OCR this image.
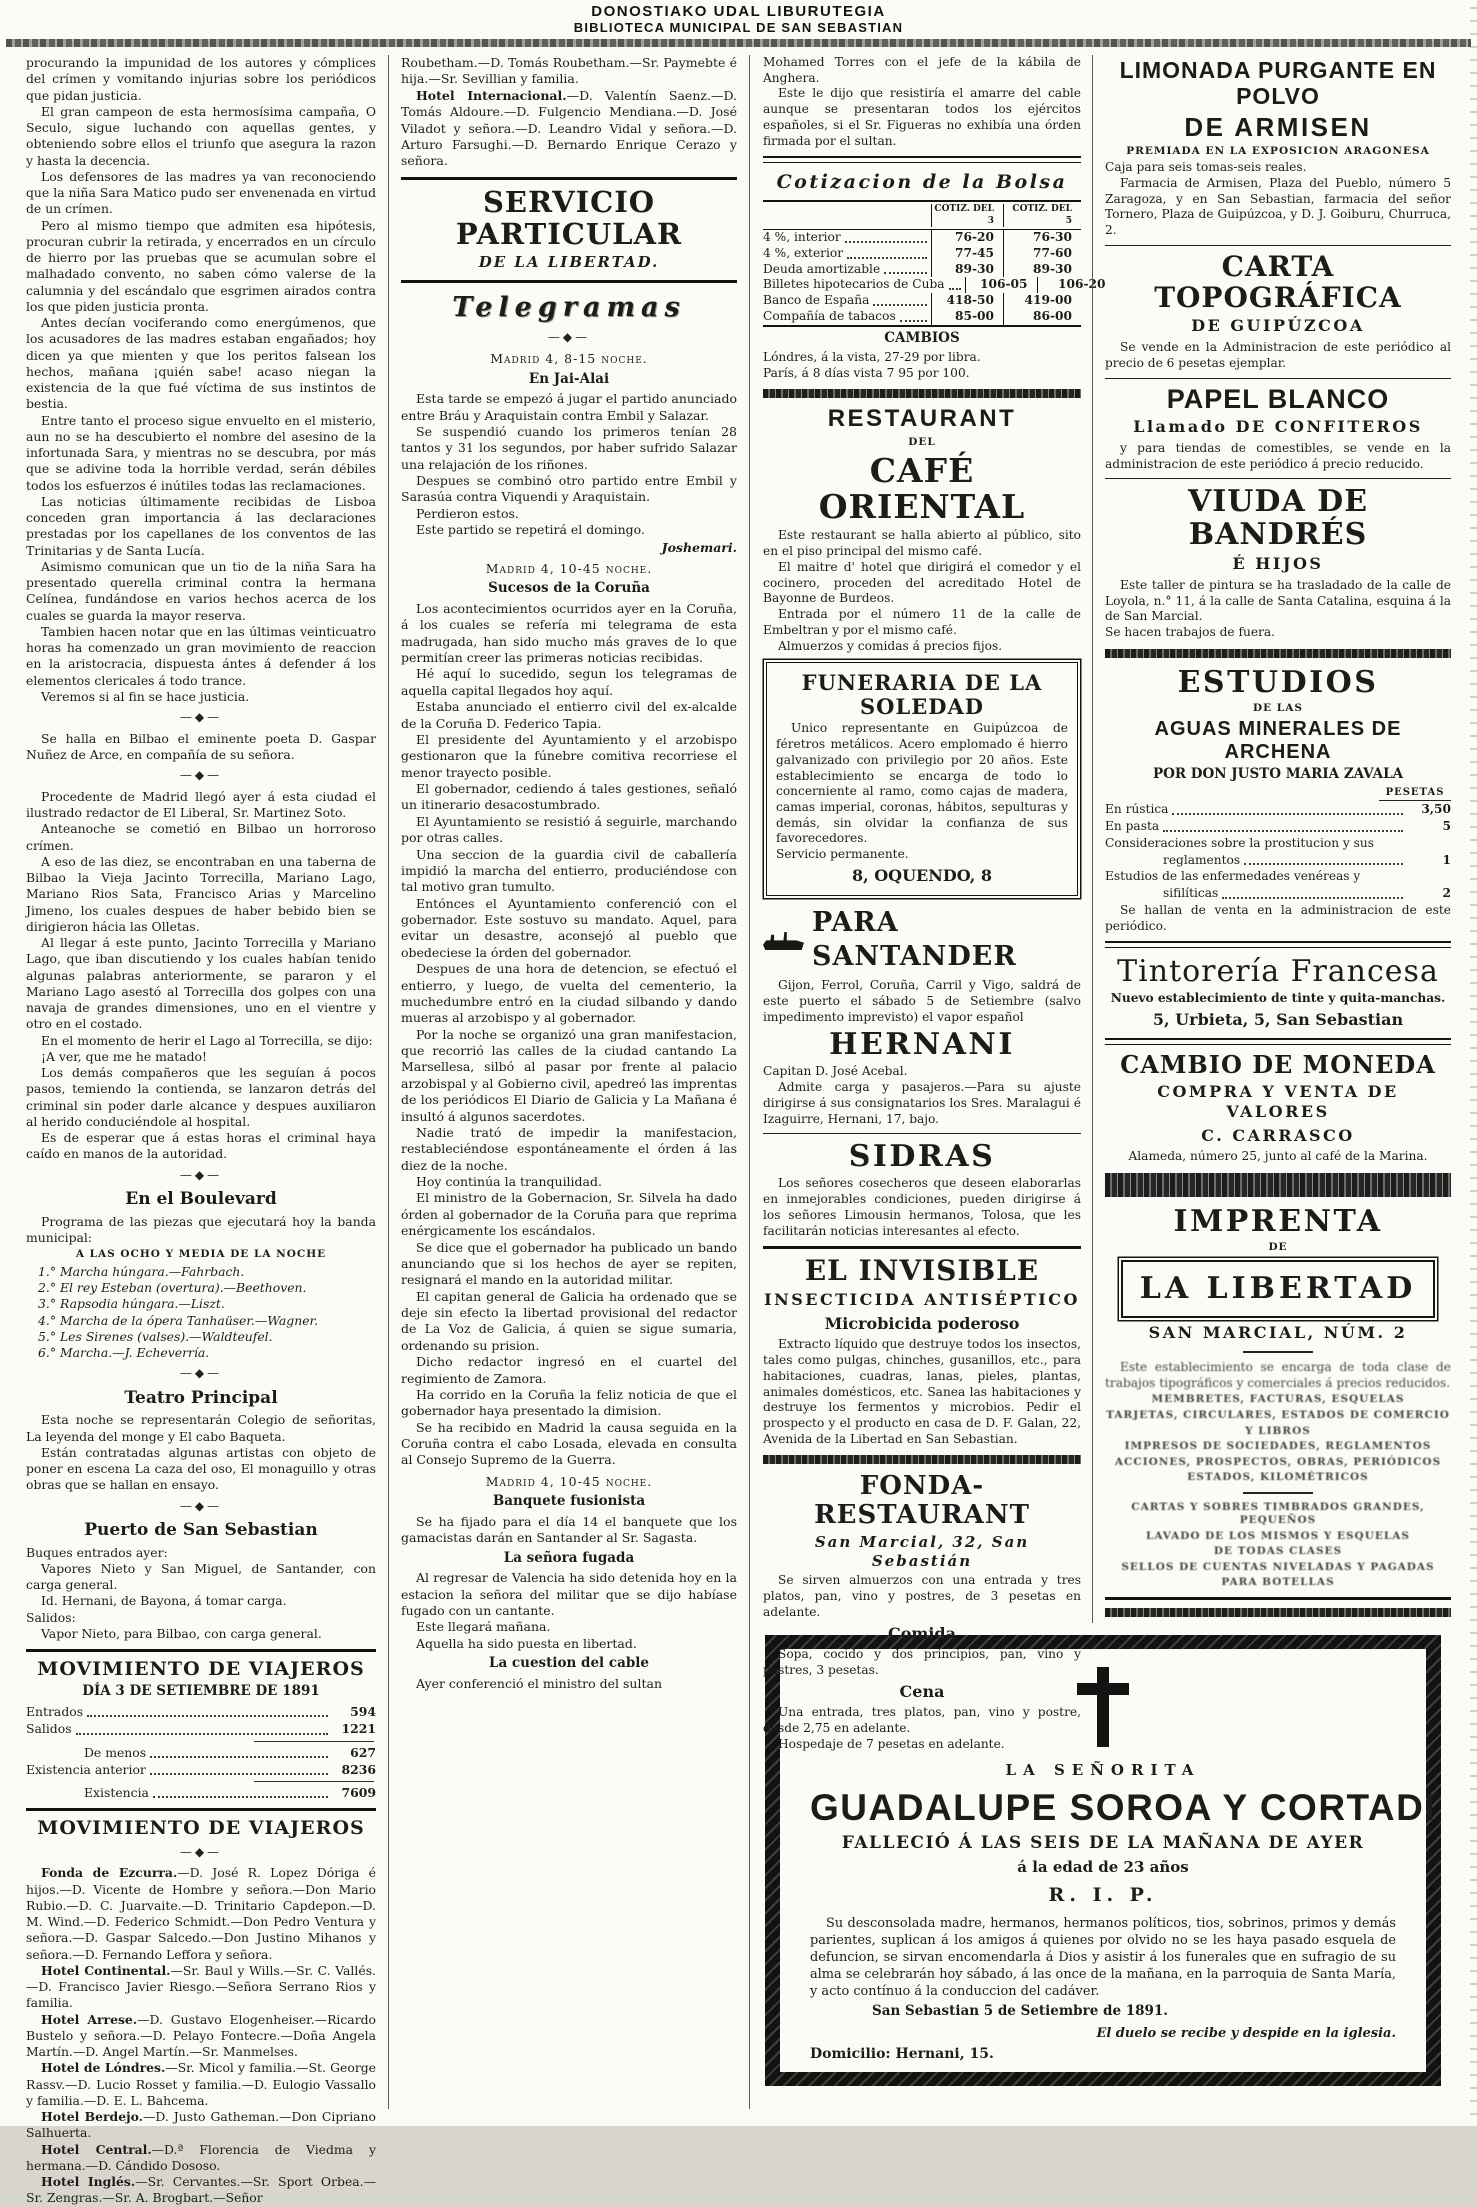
DONOSTIAKO UDAL LIBURUTEGIA
BIBLIOTECA MUNICIPAL DE SAN SEBASTIAN
procurando la impunidad de los autores y cómplices del crímen y vomitando injurias sobre los periódicos que pidan justicia.
El gran campeon de esta hermosísima campaña, O Seculo, sigue luchando con aquellas gentes, y obteniendo sobre ellos el triunfo que asegura la razon y hasta la decencia.
Los defensores de las madres ya van reconociendo que la niña Sara Matico pudo ser envenenada en virtud de un crímen.
Pero al mismo tiempo que admiten esa hipótesis, procuran cubrir la retirada, y encerrados en un círculo de hierro por las pruebas que se acumulan sobre el malhadado convento, no saben cómo valerse de la calumnia y del escándalo que esgrimen airados contra los que piden justicia pronta.
Antes decían vociferando como energúmenos, que los acusadores de las madres estaban engañados; hoy dicen ya que mienten y que los peritos falsean los hechos, mañana ¡quién sabe! acaso niegan la existencia de la que fué víctima de sus instintos de bestia.
Entre tanto el proceso sigue envuelto en el misterio, aun no se ha descubierto el nombre del asesino de la infortunada Sara, y mientras no se descubra, por más que se adivine toda la horrible verdad, serán débiles todos los esfuerzos é inútiles todas las reclamaciones.
Las noticias últimamente recibidas de Lisboa conceden gran importancia á las declaraciones prestadas por los capellanes de los conventos de las Trinitarias y de Santa Lucía.
Asimismo comunican que un tio de la niña Sara ha presentado querella criminal contra la hermana Celínea, fundándose en varios hechos acerca de los cuales se guarda la mayor reserva.
Tambien hacen notar que en las últimas veinticuatro horas ha comenzado un gran movimiento de reaccion en la aristocracia, dispuesta ántes á defender á los elementos clericales á todo trance.
Veremos si al fin se hace justicia.
—◆—
Se halla en Bilbao el eminente poeta D. Gaspar Nuñez de Arce, en compañía de su señora.
—◆—
Procedente de Madrid llegó ayer á esta ciudad el ilustrado redactor de El Liberal, Sr. Martinez Soto.
Anteanoche se cometió en Bilbao un horroroso crímen.
A eso de las diez, se encontraban en una taberna de Bilbao la Vieja Jacinto Torrecilla, Mariano Lago, Mariano Rios Sata, Francisco Arias y Marcelino Jimeno, los cuales despues de haber bebido bien se dirigieron hácia las Olletas.
Al llegar á este punto, Jacinto Torrecilla y Mariano Lago, que iban discutiendo y los cuales habían tenido algunas palabras anteriormente, se pararon y el Mariano Lago asestó al Torrecilla dos golpes con una navaja de grandes dimensiones, uno en el vientre y otro en el costado.
En el momento de herir el Lago al Torrecilla, se dijo:
¡A ver, que me he matado!
Los demás compañeros que les seguían á pocos pasos, temiendo la contienda, se lanzaron detrás del criminal sin poder darle alcance y despues auxiliaron al herido conduciéndole al hospital.
Es de esperar que á estas horas el criminal haya caído en manos de la autoridad.
—◆—
En el Boulevard
Programa de las piezas que ejecutará hoy la banda municipal:
A LAS OCHO Y MEDIA DE LA NOCHE
1.° Marcha húngara.—Fahrbach.
2.° El rey Esteban (overtura).—Beethoven.
3.° Rapsodia húngara.—Liszt.
4.° Marcha de la ópera Tanhaüser.—Wagner.
5.° Les Sirenes (valses).—Waldteufel.
6.° Marcha.—J. Echeverría.
—◆—
Teatro Principal
Esta noche se representarán Colegio de señoritas, La leyenda del monge y El cabo Baqueta.
Están contratadas algunas artistas con objeto de poner en escena La caza del oso, El monaguillo y otras obras que se hallan en ensayo.
—◆—
Puerto de San Sebastian
Buques entrados ayer:
Vapores Nieto y San Miguel, de Santander, con carga general.
Id. Hernani, de Bayona, á tomar carga.
Salidos:
Vapor Nieto, para Bilbao, con carga general.
MOVIMIENTO DE VIAJEROS
DÍA 3 DE SETIEMBRE DE 1891
Entrados	594
Salidos	1221
De menos	627
Existencia anterior	8236
Existencia	7609
MOVIMIENTO DE VIAJEROS
—◆—
Fonda de Ezcurra.—D. José R. Lopez Dóriga é hijos.—D. Vicente de Hombre y señora.—Don Mario Rubio.—D. C. Juarvaite.—D. Trinitario Capdepon.—D. M. Wind.—D. Federico Schmidt.—Don Pedro Ventura y señora.—D. Gaspar Salcedo.—Don Justino Mihanos y señora.—D. Fernando Leffora y señora.
Hotel Continental.—Sr. Baul y Wills.—Sr. C. Vallés.—D. Francisco Javier Riesgo.—Señora Serrano Rios y familia.
Hotel Arrese.—D. Gustavo Elogenheiser.—Ricardo Bustelo y señora.—D. Pelayo Fontecre.—Doña Angela Martín.—D. Angel Martín.—Sr. Manmelses.
Hotel de Lóndres.—Sr. Micol y familia.—St. George Rassv.—D. Lucio Rosset y familia.—D. Eulogio Vassallo y familia.—D. E. L. Bahcema.
Hotel Berdejo.—D. Justo Gatheman.—Don Cipriano Salhuerta.
Hotel Central.—D.ª Florencia de Viedma y hermana.—D. Cándido Dososo.
Hotel Inglés.—Sr. Cervantes.—Sr. Sport Orbea.—Sr. Zengras.—Sr. A. Brogbart.—Señor
Roubetham.—D. Tomás Roubetham.—Sr. Paymebte é hija.—Sr. Sevillian y familia.
Hotel Internacional.—D. Valentín Saenz.—D. Tomás Aldoure.—D. Fulgencio Mendiana.—D. José Viladot y señora.—D. Leandro Vidal y señora.—D. Arturo Farsughi.—D. Bernardo Enrique Cerazo y señora.
SERVICIO PARTICULAR
DE LA LIBERTAD.
Telegramas
—◆—
Madrid 4, 8-15 noche.
En Jai-Alai
Esta tarde se empezó á jugar el partido anunciado entre Bráu y Araquistain contra Embil y Salazar.
Se suspendió cuando los primeros tenían 28 tantos y 31 los segundos, por haber sufrido Salazar una relajación de los riñones.
Despues se combinó otro partido entre Embil y Sarasúa contra Viquendi y Araquistain.
Perdieron estos.
Este partido se repetirá el domingo.
Joshemari.
Madrid 4, 10-45 noche.
Sucesos de la Coruña
Los acontecimientos ocurridos ayer en la Coruña, á los cuales se refería mi telegrama de esta madrugada, han sido mucho más graves de lo que permitían creer las primeras noticias recibidas.
Hé aquí lo sucedido, segun los telegramas de aquella capital llegados hoy aquí.
Estaba anunciado el entierro civil del ex-alcalde de la Coruña D. Federico Tapia.
El presidente del Ayuntamiento y el arzobispo gestionaron que la fúnebre comitiva recorriese el menor trayecto posible.
El gobernador, cediendo á tales gestiones, señaló un itinerario desacostumbrado.
El Ayuntamiento se resistió á seguirle, marchando por otras calles.
Una seccion de la guardia civil de caballería impidió la marcha del entierro, produciéndose con tal motivo gran tumulto.
Entónces el Ayuntamiento conferenció con el gobernador. Este sostuvo su mandato. Aquel, para evitar un desastre, aconsejó al pueblo que obedeciese la órden del gobernador.
Despues de una hora de detencion, se efectuó el entierro, y luego, de vuelta del cementerio, la muchedumbre entró en la ciudad silbando y dando mueras al arzobispo y al gobernador.
Por la noche se organizó una gran manifestacion, que recorrió las calles de la ciudad cantando La Marsellesa, silbó al pasar por frente al palacio arzobispal y al Gobierno civil, apedreó las imprentas de los periódicos El Diario de Galicia y La Mañana é insultó á algunos sacerdotes.
Nadie trató de impedir la manifestacion, restableciéndose espontáneamente el órden á las diez de la noche.
Hoy continúa la tranquilidad.
El ministro de la Gobernacion, Sr. Silvela ha dado órden al gobernador de la Coruña para que reprima enérgicamente los escándalos.
Se dice que el gobernador ha publicado un bando anunciando que si los hechos de ayer se repiten, resignará el mando en la autoridad militar.
El capitan general de Galicia ha ordenado que se deje sin efecto la libertad provisional del redactor de La Voz de Galicia, á quien se sigue sumaria, ordenando su prision.
Dicho redactor ingresó en el cuartel del regimiento de Zamora.
Ha corrido en la Coruña la feliz noticia de que el gobernador haya presentado la dimision.
Se ha recibido en Madrid la causa seguida en la Coruña contra el cabo Losada, elevada en consulta al Consejo Supremo de la Guerra.
Madrid 4, 10-45 noche.
Banquete fusionista
Se ha fijado para el día 14 el banquete que los gamacistas darán en Santander al Sr. Sagasta.
La señora fugada
Al regresar de Valencia ha sido detenida hoy en la estacion la señora del militar que se dijo habíase fugado con un cantante.
Este llegará mañana.
Aquella ha sido puesta en libertad.
La cuestion del cable
Ayer conferenció el ministro del sultan
Mohamed Torres con el jefe de la kábila de Anghera.
Este le dijo que resistiría el amarre del cable aunque se presentaran todos los ejércitos españoles, si el Sr. Figueras no exhibía una órden firmada por el sultan.
Cotizacion de la Bolsa
COTIZ. DEL 3
COTIZ. DEL 5
4 %, interior	76-20	76-30
4 %, exterior	77-45	77-60
Deuda amortizable	89-30	89-30
Billetes hipotecarios de Cuba	106-05	106-20
Banco de España	418-50	419-00
Compañía de tabacos	85-00	86-00
CAMBIOS
Lóndres, á la vista, 27-29 por libra.
París, á 8 días vista 7 95 por 100.
RESTAURANT
DEL
CAFÉ ORIENTAL
Este restaurant se halla abierto al público, sito en el piso principal del mismo café.
El maitre d' hotel que dirigirá el comedor y el cocinero, proceden del acreditado Hotel de Bayonne de Burdeos.
Entrada por el número 11 de la calle de Embeltran y por el mismo café.
Almuerzos y comidas á precios fijos.
FUNERARIA DE LA SOLEDAD
Unico representante en Guipúzcoa de féretros metálicos. Acero emplomado é hierro galvanizado con privilegio por 20 años. Este establecimiento se encarga de todo lo concerniente al ramo, como cajas de madera, camas imperial, coronas, hábitos, sepulturas y demás, sin olvidar la confianza de sus favorecedores.
Servicio permanente.
8, OQUENDO, 8
PARA SANTANDER
Gijon, Ferrol, Coruña, Carril y Vigo, saldrá de este puerto el sábado 5 de Setiembre (salvo impedimento imprevisto) el vapor español
HERNANI
Capitan D. José Acebal.
Admite carga y pasajeros.—Para su ajuste dirigirse á sus consignatarios los Sres. Maralagui é Izaguirre, Hernani, 17, bajo.
SIDRAS
Los señores cosecheros que deseen elaborarlas en inmejorables condiciones, pueden dirigirse á los señores Limousin hermanos, Tolosa, que les facilitarán noticias interesantes al efecto.
EL INVISIBLE
INSECTICIDA ANTISÉPTICO
Microbicida poderoso
Extracto líquido que destruye todos los insectos, tales como pulgas, chinches, gusanillos, etc., para habitaciones, cuadras, lanas, pieles, plantas, animales domésticos, etc. Sanea las habitaciones y destruye los fermentos y microbios. Pedir el prospecto y el producto en casa de D. F. Galan, 22, Avenida de la Libertad en San Sebastian.
FONDA-RESTAURANT
San Marcial, 32, San Sebastián
Se sirven almuerzos con una entrada y tres platos, pan, vino y postres, de 3 pesetas en adelante.
Comida
Sopa, cocido y dos principios, pan, vino y postres, 3 pesetas.
Cena
Una entrada, tres platos, pan, vino y postre, desde 2,75 en adelante.
Hospedaje de 7 pesetas en adelante.
LIMONADA PURGANTE EN POLVO
DE ARMISEN
PREMIADA EN LA EXPOSICION ARAGONESA
Caja para seis tomas-seis reales.
Farmacia de Armisen, Plaza del Pueblo, número 5 Zaragoza, y en San Sebastian, farmacia del señor Tornero, Plaza de Guipúzcoa, y D. J. Goiburu, Churruca, 2.
CARTA TOPOGRÁFICA
DE GUIPÚZCOA
Se vende en la Administracion de este periódico al precio de 6 pesetas ejemplar.
PAPEL BLANCO
Llamado DE CONFITEROS
y para tiendas de comestibles, se vende en la administracion de este periódico á precio reducido.
VIUDA DE BANDRÉS
É HIJOS
Este taller de pintura se ha trasladado de la calle de Loyola, n.° 11, á la calle de Santa Catalina, esquina á la de San Marcial.
Se hacen trabajos de fuera.
ESTUDIOS
DE LAS
AGUAS MINERALES DE ARCHENA
POR DON JUSTO MARIA ZAVALA
PESETAS
En rústica	3,50
En pasta	5
Consideraciones sobre la prostitucion y sus
reglamentos	1
Estudios de las enfermedades venéreas y
sifilíticas	2
Se hallan de venta en la administracion de este periódico.
Tintorería Francesa
Nuevo establecimiento de tinte y quita-manchas.
5, Urbieta, 5, San Sebastian
CAMBIO DE MONEDA
COMPRA Y VENTA DE VALORES
C. CARRASCO
Alameda, número 25, junto al café de la Marina.
IMPRENTA
DE
LA LIBERTAD
SAN MARCIAL, NÚM. 2
Este establecimiento se encarga de toda clase de trabajos tipográficos y comerciales á precios reducidos.
MEMBRETES, FACTURAS, ESQUELAS
TARJETAS, CIRCULARES, ESTADOS DE COMERCIO
Y LIBROS
IMPRESOS DE SOCIEDADES, REGLAMENTOS
ACCIONES, PROSPECTOS, OBRAS, PERIÓDICOS
ESTADOS, KILOMÉTRICOS
CARTAS Y SOBRES TIMBRADOS GRANDES, PEQUEÑOS
LAVADO DE LOS MISMOS Y ESQUELAS
DE TODAS CLASES
SELLOS DE CUENTAS NIVELADAS Y PAGADAS
PARA BOTELLAS
LA SEÑORITA
GUADALUPE SOROA Y CORTADI
FALLECIÓ Á LAS SEIS DE LA MAÑANA DE AYER
á la edad de 23 años
R. I. P.
Su desconsolada madre, hermanos, hermanos políticos, tios, sobrinos, primos y demás parientes, suplican á los amigos á quienes por olvido no se les haya pasado esquela de defuncion, se sirvan encomendarla á Dios y asistir á los funerales que en sufragio de su alma se celebrarán hoy sábado, á las once de la mañana, en la parroquia de Santa María, y acto contínuo á la conduccion del cadáver.
San Sebastian 5 de Setiembre de 1891.
El duelo se recibe y despide en la iglesia.
Domicilio: Hernani, 15.
